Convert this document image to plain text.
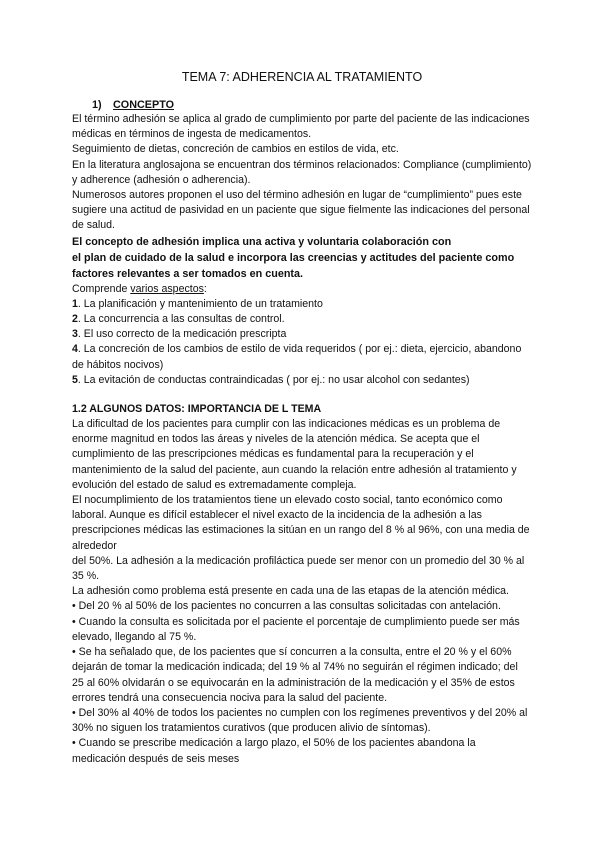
TEMA 7: ADHERENCIA AL TRATAMIENTO
1) CONCEPTO

El término adhesión se aplica al grado de cumplimiento por parte del paciente de las indicaciones médicas en términos de ingesta de medicamentos.

Seguimiento de dietas, concreción de cambios en estilos de vida, etc.

En la literatura anglosajona se encuentran dos términos relacionados: Compliance (cumplimiento) y adherence (adhesión o adherencia).

Numerosos autores proponen el uso del término adhesión en lugar de “cumplimiento” pues este sugiere una actitud de pasividad en un paciente que sigue fielmente las indicaciones del personal de salud.

El concepto de adhesión implica una activa y voluntaria colaboración con
el plan de cuidado de la salud e incorpora las creencias y actitudes del paciente como
factores relevantes a ser tomados en cuenta.

Comprende varios aspectos:

1. La planificación y mantenimiento de un tratamiento

2. La concurrencia a las consultas de control.

3. El uso correcto de la medicación prescripta

4. La concreción de los cambios de estilo de vida requeridos ( por ej.: dieta, ejercicio, abandono de hábitos nocivos)

5. La evitación de conductas contraindicadas ( por ej.: no usar alcohol con sedantes)

1.2 ALGUNOS DATOS: IMPORTANCIA DE L TEMA

La dificultad de los pacientes para cumplir con las indicaciones médicas es un problema de enorme magnitud en todos las áreas y niveles de la atención médica. Se acepta que el cumplimiento de las prescripciones médicas es fundamental para la recuperación y el mantenimiento de la salud del paciente, aun cuando la relación entre adhesión al tratamiento y evolución del estado de salud es extremadamente compleja.

El nocumplimiento de los tratamientos tiene un elevado costo social, tanto económico como laboral. Aunque es difícil establecer el nivel exacto de la incidencia de la adhesión a las prescripciones médicas las estimaciones la sitúan en un rango del 8 % al 96%, con una media de alrededor

del 50%. La adhesión a la medicación profiláctica puede ser menor con un promedio del 30 % al 35 %.

La adhesión como problema está presente en cada una de las etapas de la atención médica.

• Del 20 % al 50% de los pacientes no concurren a las consultas solicitadas con antelación.

• Cuando la consulta es solicitada por el paciente el porcentaje de cumplimiento puede ser más elevado, llegando al 75 %.

• Se ha señalado que, de los pacientes que sí concurren a la consulta, entre el 20 % y el 60% dejarán de tomar la medicación indicada; del 19 % al 74% no seguirán el régimen indicado; del 25 al 60% olvidarán o se equivocarán en la administración de la medicación y el 35% de estos errores tendrá una consecuencia nociva para la salud del paciente.

• Del 30% al 40% de todos los pacientes no cumplen con los regímenes preventivos y del 20% al 30% no siguen los tratamientos curativos (que producen alivio de síntomas).

• Cuando se prescribe medicación a largo plazo, el 50% de los pacientes abandona la medicación después de seis meses
